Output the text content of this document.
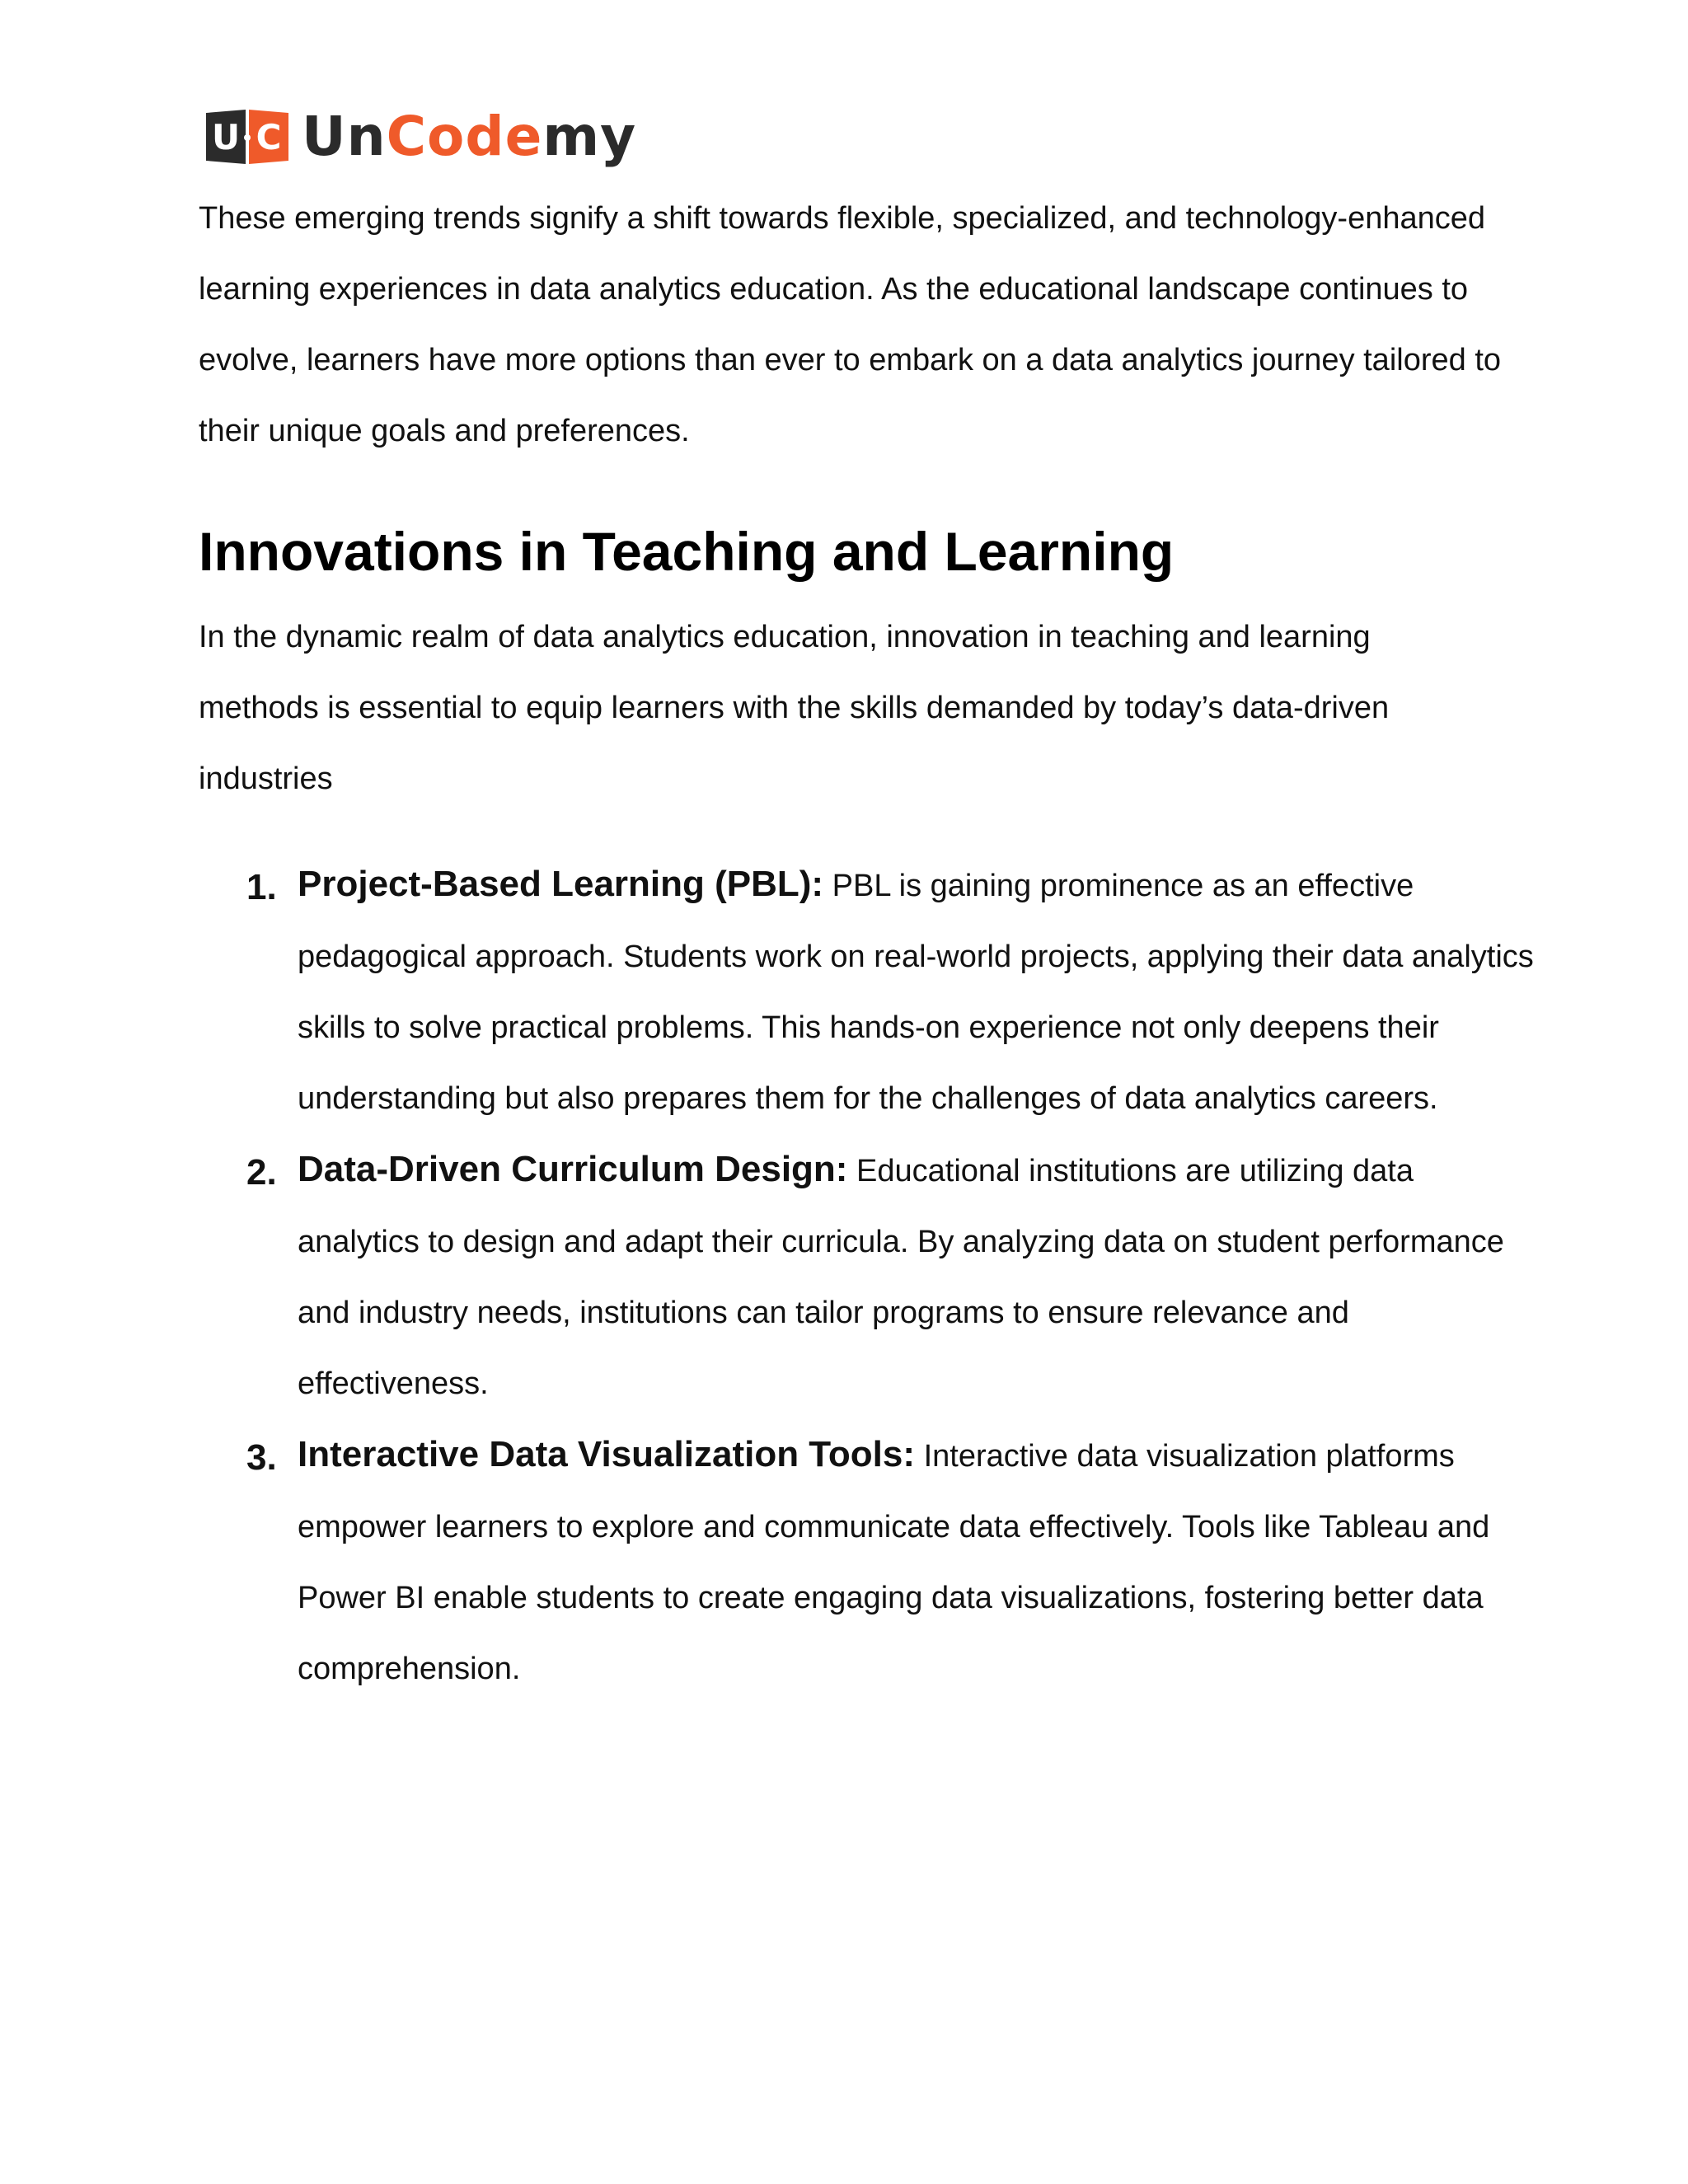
U C UnCodemy

These emerging trends signify a shift towards flexible, specialized, and technology-enhanced learning experiences in data analytics education. As the educational landscape continues to evolve, learners have more options than ever to embark on a data analytics journey tailored to their unique goals and preferences.

Innovations in Teaching and Learning

In the dynamic realm of data analytics education, innovation in teaching and learning methods is essential to equip learners with the skills demanded by today’s data-driven industries

1. Project-Based Learning (PBL): PBL is gaining prominence as an effective pedagogical approach. Students work on real-world projects, applying their data analytics skills to solve practical problems. This hands-on experience not only deepens their understanding but also prepares them for the challenges of data analytics careers.

2. Data-Driven Curriculum Design: Educational institutions are utilizing data analytics to design and adapt their curricula. By analyzing data on student performance and industry needs, institutions can tailor programs to ensure relevance and effectiveness.

3. Interactive Data Visualization Tools: Interactive data visualization platforms empower learners to explore and communicate data effectively. Tools like Tableau and Power BI enable students to create engaging data visualizations, fostering better data comprehension.
